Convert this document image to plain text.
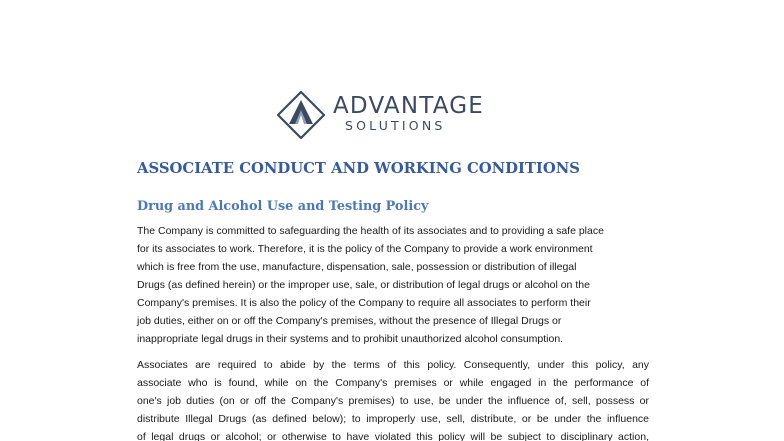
ADVANTAGE
SOLUTIONS
ASSOCIATE CONDUCT AND WORKING CONDITIONS
Drug and Alcohol Use and Testing Policy
The Company is committed to safeguarding the health of its associates and to providing a safe place
for its associates to work. Therefore, it is the policy of the Company to provide a work environment
which is free from the use, manufacture, dispensation, sale, possession or distribution of illegal
Drugs (as defined herein) or the improper use, sale, or distribution of legal drugs or alcohol on the
Company's premises. It is also the policy of the Company to require all associates to perform their
job duties, either on or off the Company's premises, without the presence of Illegal Drugs or
inappropriate legal drugs in their systems and to prohibit unauthorized alcohol consumption.
Associates are required to abide by the terms of this policy. Consequently, under this policy, any
associate who is found, while on the Company's premises or while engaged in the performance of
one's job duties (on or off the Company's premises) to use, be under the influence of, sell, possess or
distribute Illegal Drugs (as defined below); to improperly use, sell, distribute, or be under the influence
of legal drugs or alcohol; or otherwise to have violated this policy will be subject to disciplinary action,
